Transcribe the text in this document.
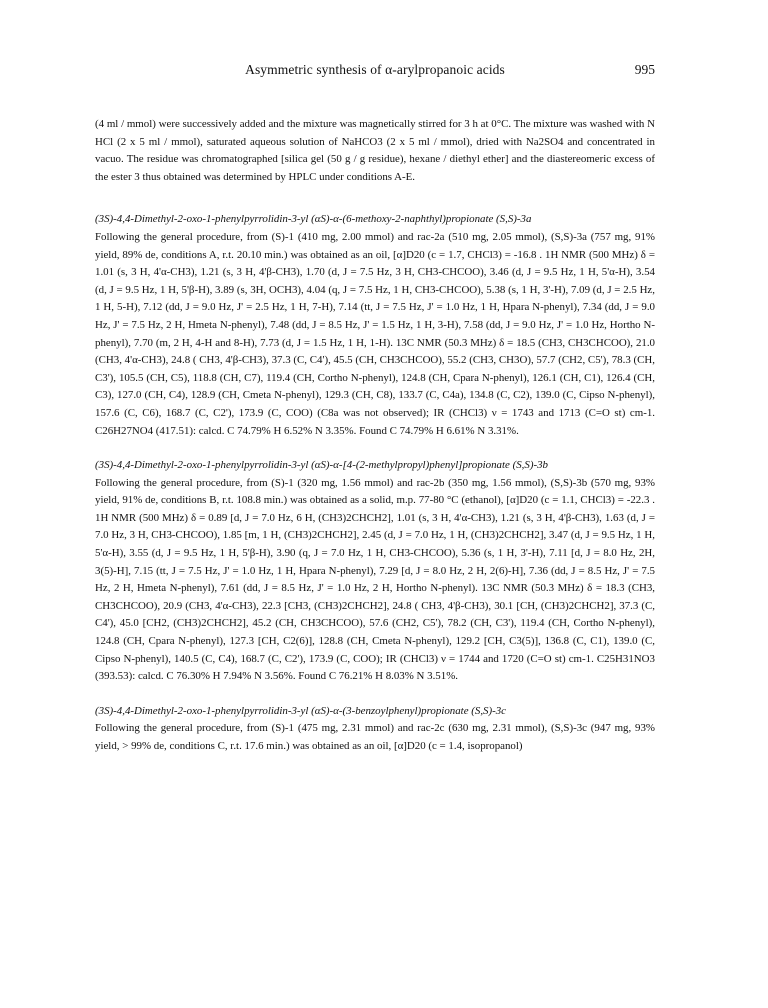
Asymmetric synthesis of α-arylpropanoic acids	995

(4 ml / mmol) were successively added and the mixture was magnetically stirred for 3 h at 0°C. The mixture was washed with N HCl (2 x 5 ml / mmol), saturated aqueous solution of NaHCO3 (2 x 5 ml / mmol), dried with Na2SO4 and concentrated in vacuo. The residue was chromatographed [silica gel (50 g / g residue), hexane / diethyl ether] and the diastereomeric excess of the ester 3 thus obtained was determined by HPLC under conditions A-E.

(3S)-4,4-Dimethyl-2-oxo-1-phenylpyrrolidin-3-yl (αS)-α-(6-methoxy-2-naphthyl)propionate (S,S)-3a

Following the general procedure, from (S)-1 (410 mg, 2.00 mmol) and rac-2a (510 mg, 2.05 mmol), (S,S)-3a (757 mg, 91% yield, 89% de, conditions A, r.t. 20.10 min.) was obtained as an oil, [α]D20 (c = 1.7, CHCl3) = -16.8 . 1H NMR (500 MHz) δ = 1.01 (s, 3 H, 4'α-CH3), 1.21 (s, 3 H, 4'β-CH3), 1.70 (d, J = 7.5 Hz, 3 H, CH3-CHCOO), 3.46 (d, J = 9.5 Hz, 1 H, 5'α-H), 3.54 (d, J = 9.5 Hz, 1 H, 5'β-H), 3.89 (s, 3H, OCH3), 4.04 (q, J = 7.5 Hz, 1 H, CH3-CHCOO), 5.38 (s, 1 H, 3'-H), 7.09 (d, J = 2.5 Hz, 1 H, 5-H), 7.12 (dd, J = 9.0 Hz, J' = 2.5 Hz, 1 H, 7-H), 7.14 (tt, J = 7.5 Hz, J' = 1.0 Hz, 1 H, Hpara N-phenyl), 7.34 (dd, J = 9.0 Hz, J' = 7.5 Hz, 2 H, Hmeta N-phenyl), 7.48 (dd, J = 8.5 Hz, J' = 1.5 Hz, 1 H, 3-H), 7.58 (dd, J = 9.0 Hz, J' = 1.0 Hz, Hortho N-phenyl), 7.70 (m, 2 H, 4-H and 8-H), 7.73 (d, J = 1.5 Hz, 1 H, 1-H). 13C NMR (50.3 MHz) δ = 18.5 (CH3, CH3CHCOO), 21.0 (CH3, 4'α-CH3), 24.8 ( CH3, 4'β-CH3), 37.3 (C, C4'), 45.5 (CH, CH3CHCOO), 55.2 (CH3, CH3O), 57.7 (CH2, C5'), 78.3 (CH, C3'), 105.5 (CH, C5), 118.8 (CH, C7), 119.4 (CH, Cortho N-phenyl), 124.8 (CH, Cpara N-phenyl), 126.1 (CH, C1), 126.4 (CH, C3), 127.0 (CH, C4), 128.9 (CH, Cmeta N-phenyl), 129.3 (CH, C8), 133.7 (C, C4a), 134.8 (C, C2), 139.0 (C, Cipso N-phenyl), 157.6 (C, C6), 168.7 (C, C2'), 173.9 (C, COO) (C8a was not observed); IR (CHCl3) ν = 1743 and 1713 (C=O st) cm-1. C26H27NO4 (417.51): calcd. C 74.79% H 6.52% N 3.35%. Found C 74.79% H 6.61% N 3.31%.

(3S)-4,4-Dimethyl-2-oxo-1-phenylpyrrolidin-3-yl (αS)-α-[4-(2-methylpropyl)phenyl]propionate (S,S)-3b

Following the general procedure, from (S)-1 (320 mg, 1.56 mmol) and rac-2b (350 mg, 1.56 mmol), (S,S)-3b (570 mg, 93% yield, 91% de, conditions B, r.t. 108.8 min.) was obtained as a solid, m.p. 77-80 °C (ethanol), [α]D20 (c = 1.1, CHCl3) = -22.3 . 1H NMR (500 MHz) δ = 0.89 [d, J = 7.0 Hz, 6 H, (CH3)2CHCH2], 1.01 (s, 3 H, 4'α-CH3), 1.21 (s, 3 H, 4'β-CH3), 1.63 (d, J = 7.0 Hz, 3 H, CH3-CHCOO), 1.85 [m, 1 H, (CH3)2CHCH2], 2.45 (d, J = 7.0 Hz, 1 H, (CH3)2CHCH2], 3.47 (d, J = 9.5 Hz, 1 H, 5'α-H), 3.55 (d, J = 9.5 Hz, 1 H, 5'β-H), 3.90 (q, J = 7.0 Hz, 1 H, CH3-CHCOO), 5.36 (s, 1 H, 3'-H), 7.11 [d, J = 8.0 Hz, 2H, 3(5)-H], 7.15 (tt, J = 7.5 Hz, J' = 1.0 Hz, 1 H, Hpara N-phenyl), 7.29 [d, J = 8.0 Hz, 2 H, 2(6)-H], 7.36 (dd, J = 8.5 Hz, J' = 7.5 Hz, 2 H, Hmeta N-phenyl), 7.61 (dd, J = 8.5 Hz, J' = 1.0 Hz, 2 H, Hortho N-phenyl). 13C NMR (50.3 MHz) δ = 18.3 (CH3, CH3CHCOO), 20.9 (CH3, 4'α-CH3), 22.3 [CH3, (CH3)2CHCH2], 24.8 ( CH3, 4'β-CH3), 30.1 [CH, (CH3)2CHCH2], 37.3 (C, C4'), 45.0 [CH2, (CH3)2CHCH2], 45.2 (CH, CH3CHCOO), 57.6 (CH2, C5'), 78.2 (CH, C3'), 119.4 (CH, Cortho N-phenyl), 124.8 (CH, Cpara N-phenyl), 127.3 [CH, C2(6)], 128.8 (CH, Cmeta N-phenyl), 129.2 [CH, C3(5)], 136.8 (C, C1), 139.0 (C, Cipso N-phenyl), 140.5 (C, C4), 168.7 (C, C2'), 173.9 (C, COO); IR (CHCl3) ν = 1744 and 1720 (C=O st) cm-1. C25H31NO3 (393.53): calcd. C 76.30% H 7.94% N 3.56%. Found C 76.21% H 8.03% N 3.51%.

(3S)-4,4-Dimethyl-2-oxo-1-phenylpyrrolidin-3-yl (αS)-α-(3-benzoylphenyl)propionate (S,S)-3c

Following the general procedure, from (S)-1 (475 mg, 2.31 mmol) and rac-2c (630 mg, 2.31 mmol), (S,S)-3c (947 mg, 93% yield, > 99% de, conditions C, r.t. 17.6 min.) was obtained as an oil, [α]D20 (c = 1.4, isopropanol)
